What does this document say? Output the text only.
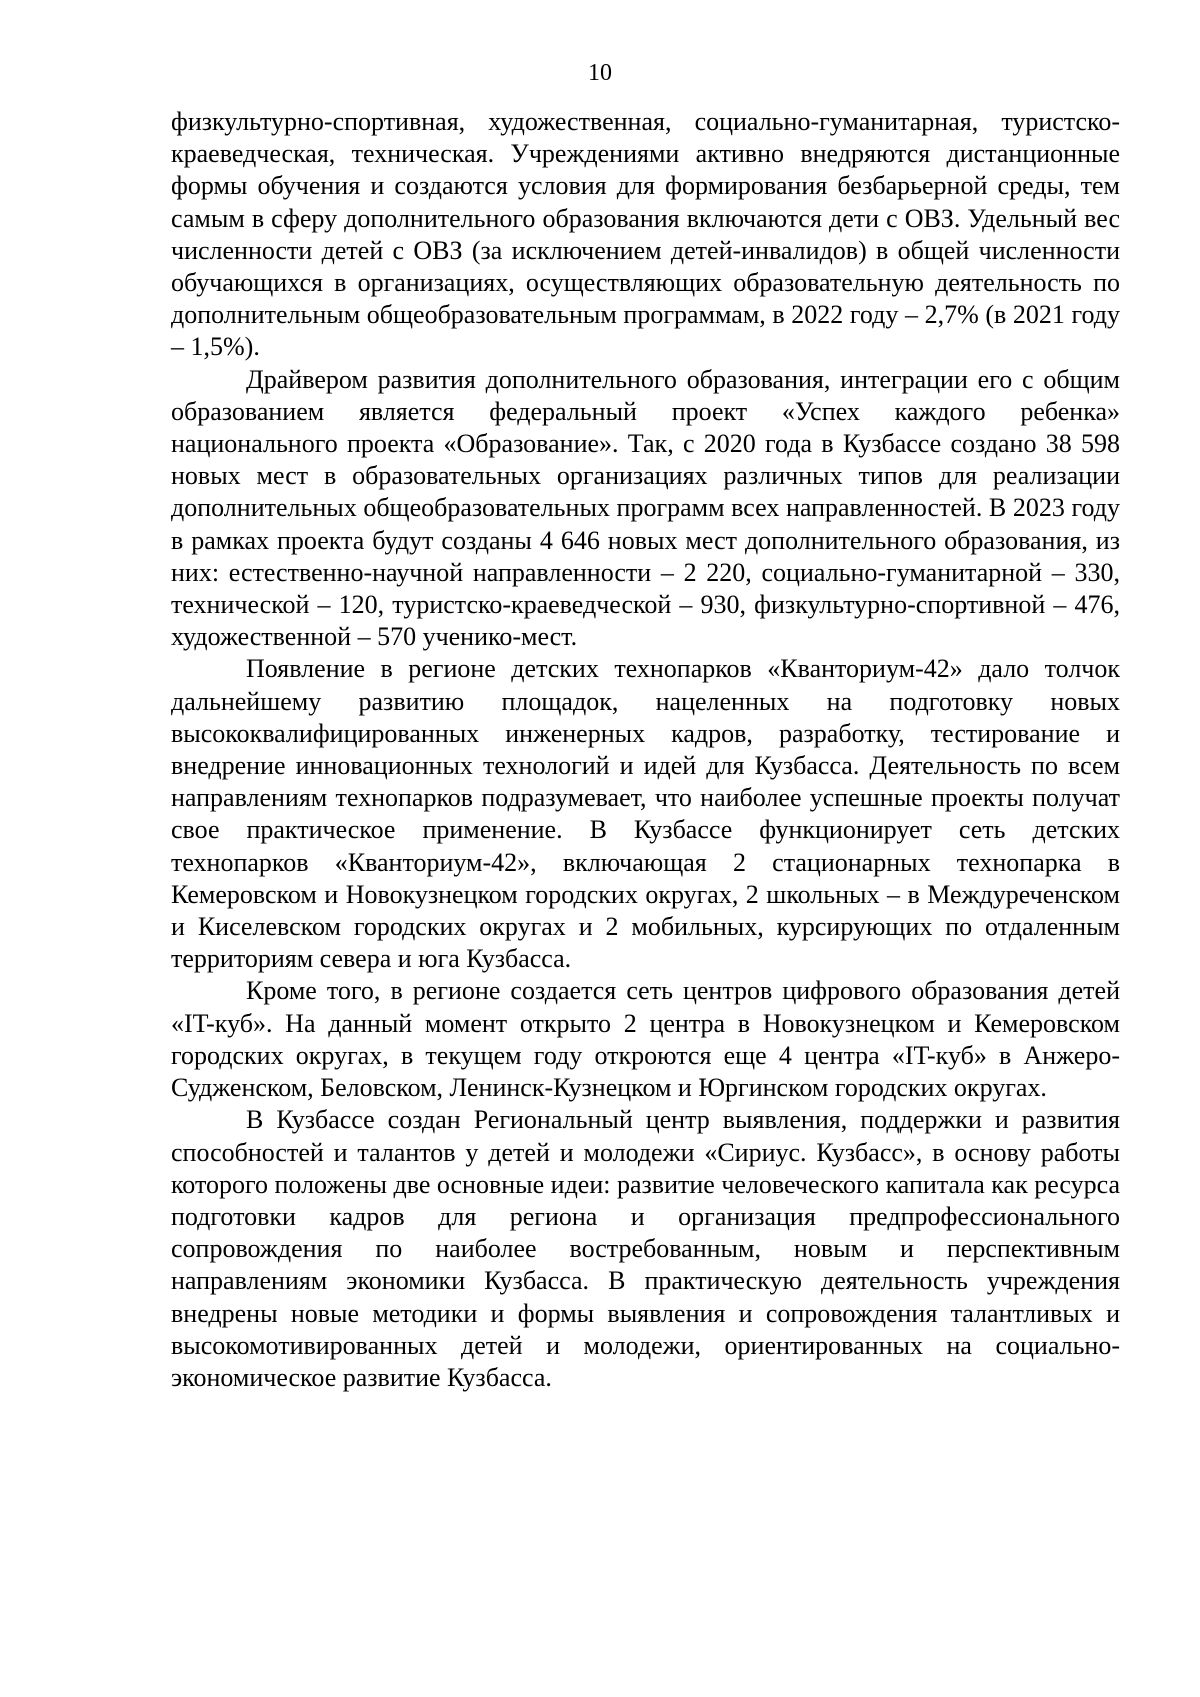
10

физкультурно-спортивная, художественная, социально-гуманитарная, туристско-краеведческая, техническая. Учреждениями активно внедряются дистанционные формы обучения и создаются условия для формирования безбарьерной среды, тем самым в сферу дополнительного образования включаются дети с ОВЗ. Удельный вес численности детей с ОВЗ (за исключением детей-инвалидов) в общей численности обучающихся в организациях, осуществляющих образовательную деятельность по дополнительным общеобразовательным программам, в 2022 году – 2,7% (в 2021 году – 1,5%).

Драйвером развития дополнительного образования, интеграции его с общим образованием является федеральный проект «Успех каждого ребенка» национального проекта «Образование». Так, с 2020 года в Кузбассе создано 38 598 новых мест в образовательных организациях различных типов для реализации дополнительных общеобразовательных программ всех направленностей. В 2023 году в рамках проекта будут созданы 4 646 новых мест дополнительного образования, из них: естественно-научной направленности – 2 220, социально-гуманитарной – 330, технической – 120, туристско-краеведческой – 930, физкультурно-спортивной – 476, художественной – 570 ученико-мест.

Появление в регионе детских технопарков «Кванториум-42» дало толчок дальнейшему развитию площадок, нацеленных на подготовку новых высококвалифицированных инженерных кадров, разработку, тестирование и внедрение инновационных технологий и идей для Кузбасса. Деятельность по всем направлениям технопарков подразумевает, что наиболее успешные проекты получат свое практическое применение. В Кузбассе функционирует сеть детских технопарков «Кванториум-42», включающая 2 стационарных технопарка в Кемеровском и Новокузнецком городских округах, 2 школьных – в Междуреченском и Киселевском городских округах и 2 мобильных, курсирующих по отдаленным территориям севера и юга Кузбасса.

Кроме того, в регионе создается сеть центров цифрового образования детей «IT-куб». На данный момент открыто 2 центра в Новокузнецком и Кемеровском городских округах, в текущем году откроются еще 4 центра «IT-куб» в Анжеро-Судженском, Беловском, Ленинск-Кузнецком и Юргинском городских округах.

В Кузбассе создан Региональный центр выявления, поддержки и развития способностей и талантов у детей и молодежи «Сириус. Кузбасс», в основу работы которого положены две основные идеи: развитие человеческого капитала как ресурса подготовки кадров для региона и организация предпрофессионального сопровождения по наиболее востребованным, новым и перспективным направлениям экономики Кузбасса. В практическую деятельность учреждения внедрены новые методики и формы выявления и сопровождения талантливых и высокомотивированных детей и молодежи, ориентированных на социально-экономическое развитие Кузбасса.
